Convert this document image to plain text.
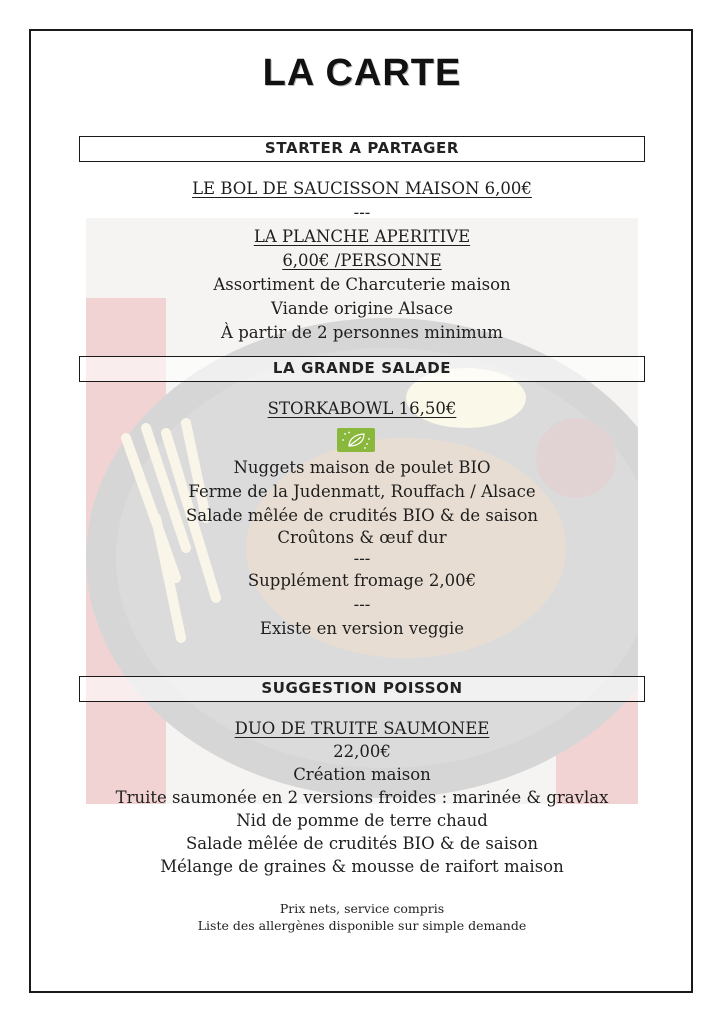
LA CARTE
STARTER A PARTAGER
LE BOL DE SAUCISSON MAISON 6,00€
---
LA PLANCHE APERITIVE
6,00€ /PERSONNE
Assortiment de Charcuterie maison
Viande origine Alsace
À partir de 2 personnes minimum
LA GRANDE SALADE
STORKABOWL 16,50€
Nuggets maison de poulet BIO
Ferme de la Judenmatt, Rouffach / Alsace
Salade mêlée de crudités BIO & de saison
Croûtons & œuf dur
---
Supplément fromage 2,00€
---
Existe en version veggie
SUGGESTION POISSON
DUO DE TRUITE SAUMONEE
22,00€
Création maison
Truite saumonée en 2 versions froides : marinée & gravlax
Nid de pomme de terre chaud
Salade mêlée de crudités BIO & de saison
Mélange de graines & mousse de raifort maison
Prix nets, service compris
Liste des allergènes disponible sur simple demande
